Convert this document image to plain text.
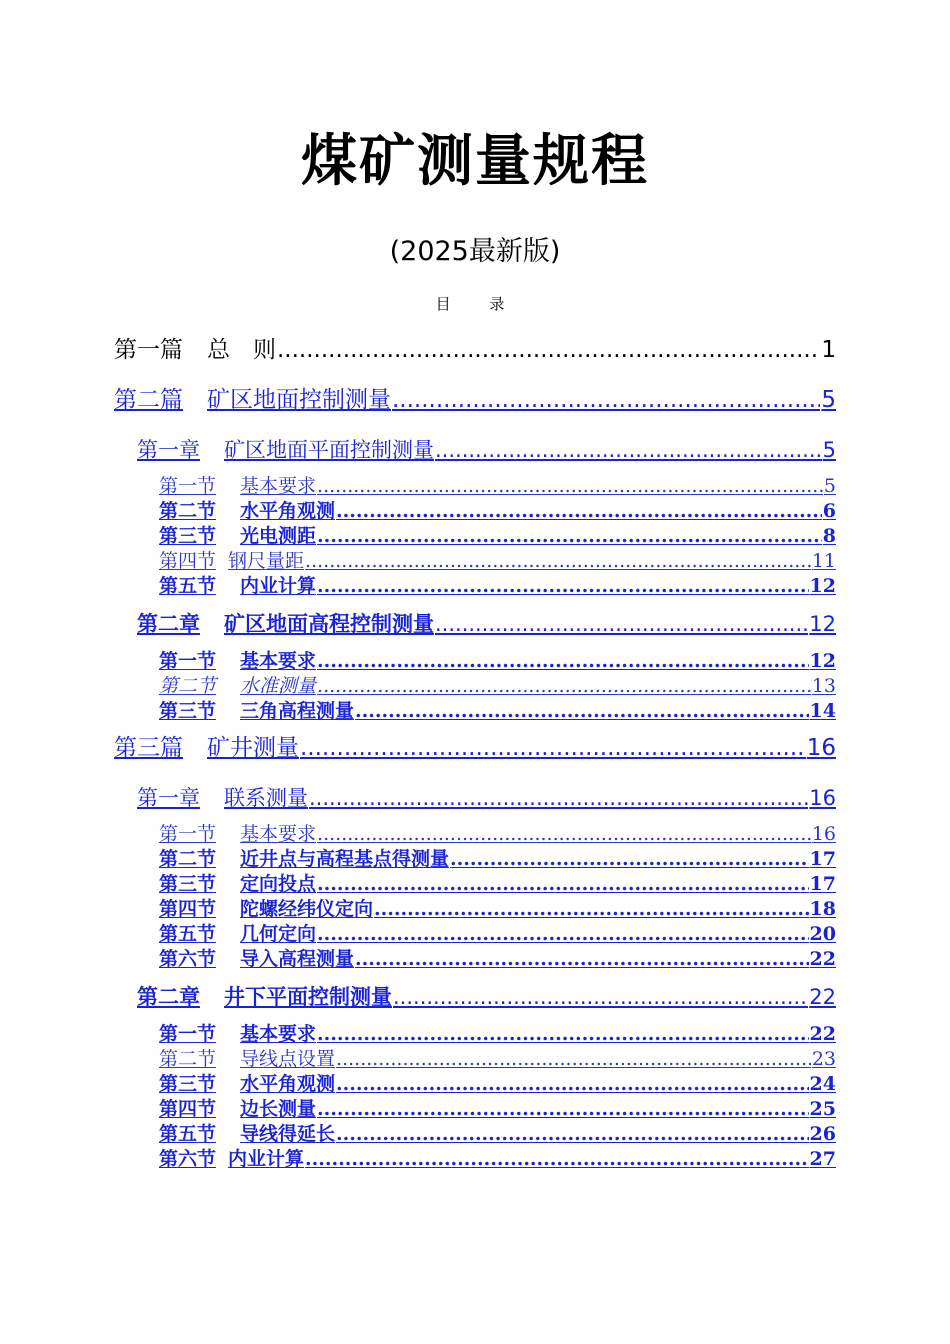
煤矿测量规程
(2025最新版)
目 录
第一篇 总　则 .....	1
第二篇 矿区地面控制测量 .....	5
第一章 矿区地面平面控制测量 .....	5
第一节 基本要求 .....	5
第二节 水平角观测 .....	6
第三节 光电测距 .....	8
第四节 钢尺量距 .....	11
第五节 内业计算 .....	12
第二章 矿区地面高程控制测量 .....	12
第一节 基本要求 .....	12
第二节 水准测量 .....	13
第三节 三角高程测量 .....	14
第三篇 矿井测量 .....	16
第一章 联系测量 .....	16
第一节 基本要求 .....	16
第二节 近井点与高程基点得测量 .....	17
第三节 定向投点 .....	17
第四节 陀螺经纬仪定向 .....	18
第五节 几何定向 .....	20
第六节 导入高程测量 .....	22
第二章 井下平面控制测量 .....	22
第一节 基本要求 .....	22
第二节 导线点设置 .....	23
第三节 水平角观测 .....	24
第四节 边长测量 .....	25
第五节 导线得延长 .....	26
第六节 内业计算 .....	27
